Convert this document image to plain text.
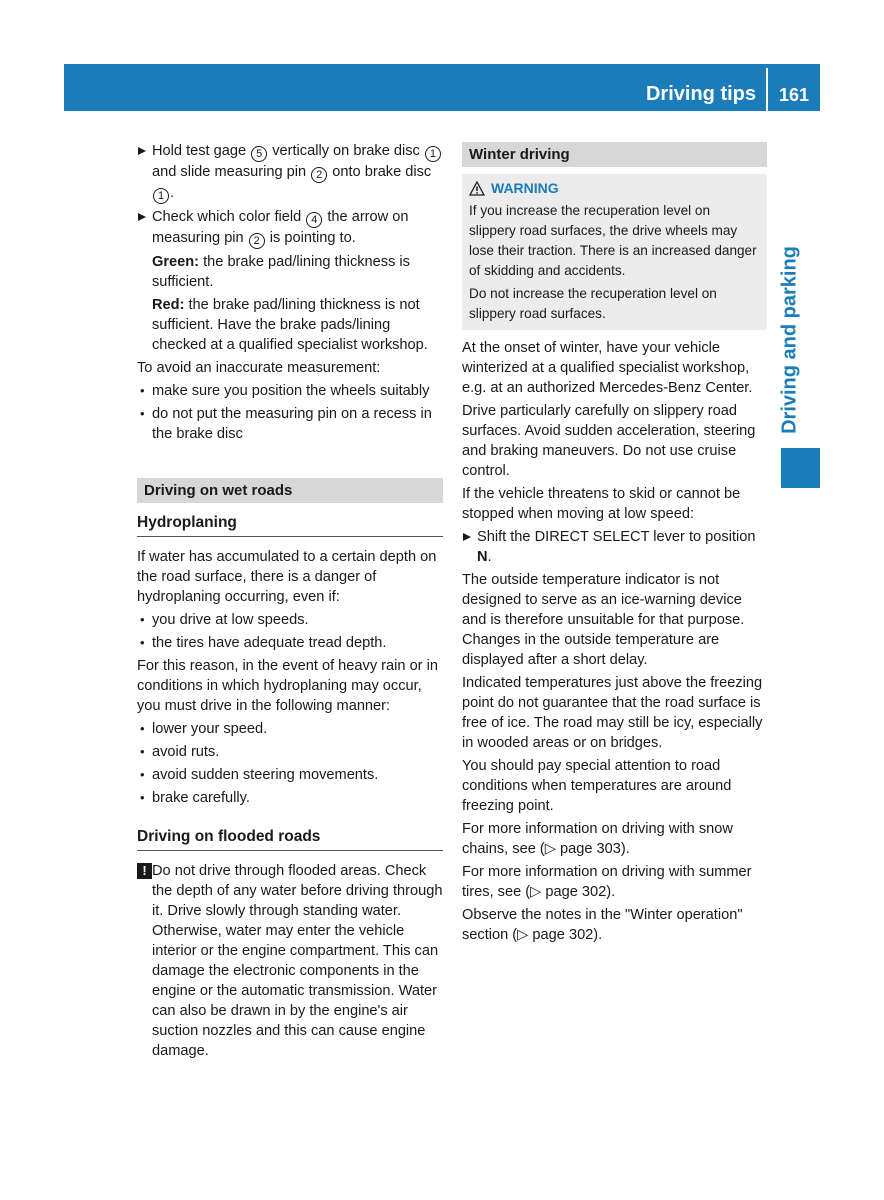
Driving tips	161
Driving and parking
Hold test gage 5 vertically on brake disc 1 and slide measuring pin 2 onto brake disc 1 .
Check which color field 4 the arrow on measuring pin 2 is pointing to.

Green: the brake pad/lining thickness is sufficient.

Red: the brake pad/lining thickness is not sufficient. Have the brake pads/lining checked at a qualified specialist workshop.

To avoid an inaccurate measurement:

• make sure you position the wheels suitably
• do not put the measuring pin on a recess in the brake disc
Driving on wet roads
Hydroplaning

If water has accumulated to a certain depth on the road surface, there is a danger of hydroplaning occurring, even if:

• you drive at low speeds.
• the tires have adequate tread depth.

For this reason, in the event of heavy rain or in conditions in which hydroplaning may occur, you must drive in the following manner:

• lower your speed.
• avoid ruts.
• avoid sudden steering movements.
• brake carefully.
Driving on flooded roads
! Do not drive through flooded areas. Check the depth of any water before driving through it. Drive slowly through standing water. Otherwise, water may enter the vehicle interior or the engine compartment. This can damage the electronic components in the engine or the automatic transmission. Water can also be drawn in by the engine's air suction nozzles and this can cause engine damage.
Winter driving
WARNING

If you increase the recuperation level on slippery road surfaces, the drive wheels may lose their traction. There is an increased danger of skidding and accidents.

Do not increase the recuperation level on slippery road surfaces.

At the onset of winter, have your vehicle winterized at a qualified specialist workshop, e.g. at an authorized Mercedes-Benz Center.

Drive particularly carefully on slippery road surfaces. Avoid sudden acceleration, steering and braking maneuvers. Do not use cruise control.

If the vehicle threatens to skid or cannot be stopped when moving at low speed:

Shift the DIRECT SELECT lever to position N.

The outside temperature indicator is not designed to serve as an ice-warning device and is therefore unsuitable for that purpose. Changes in the outside temperature are displayed after a short delay.

Indicated temperatures just above the freezing point do not guarantee that the road surface is free of ice. The road may still be icy, especially in wooded areas or on bridges.

You should pay special attention to road conditions when temperatures are around freezing point.

For more information on driving with snow chains, see (▷ page 303).

For more information on driving with summer tires, see (▷ page 302).

Observe the notes in the "Winter operation" section (▷ page 302).
